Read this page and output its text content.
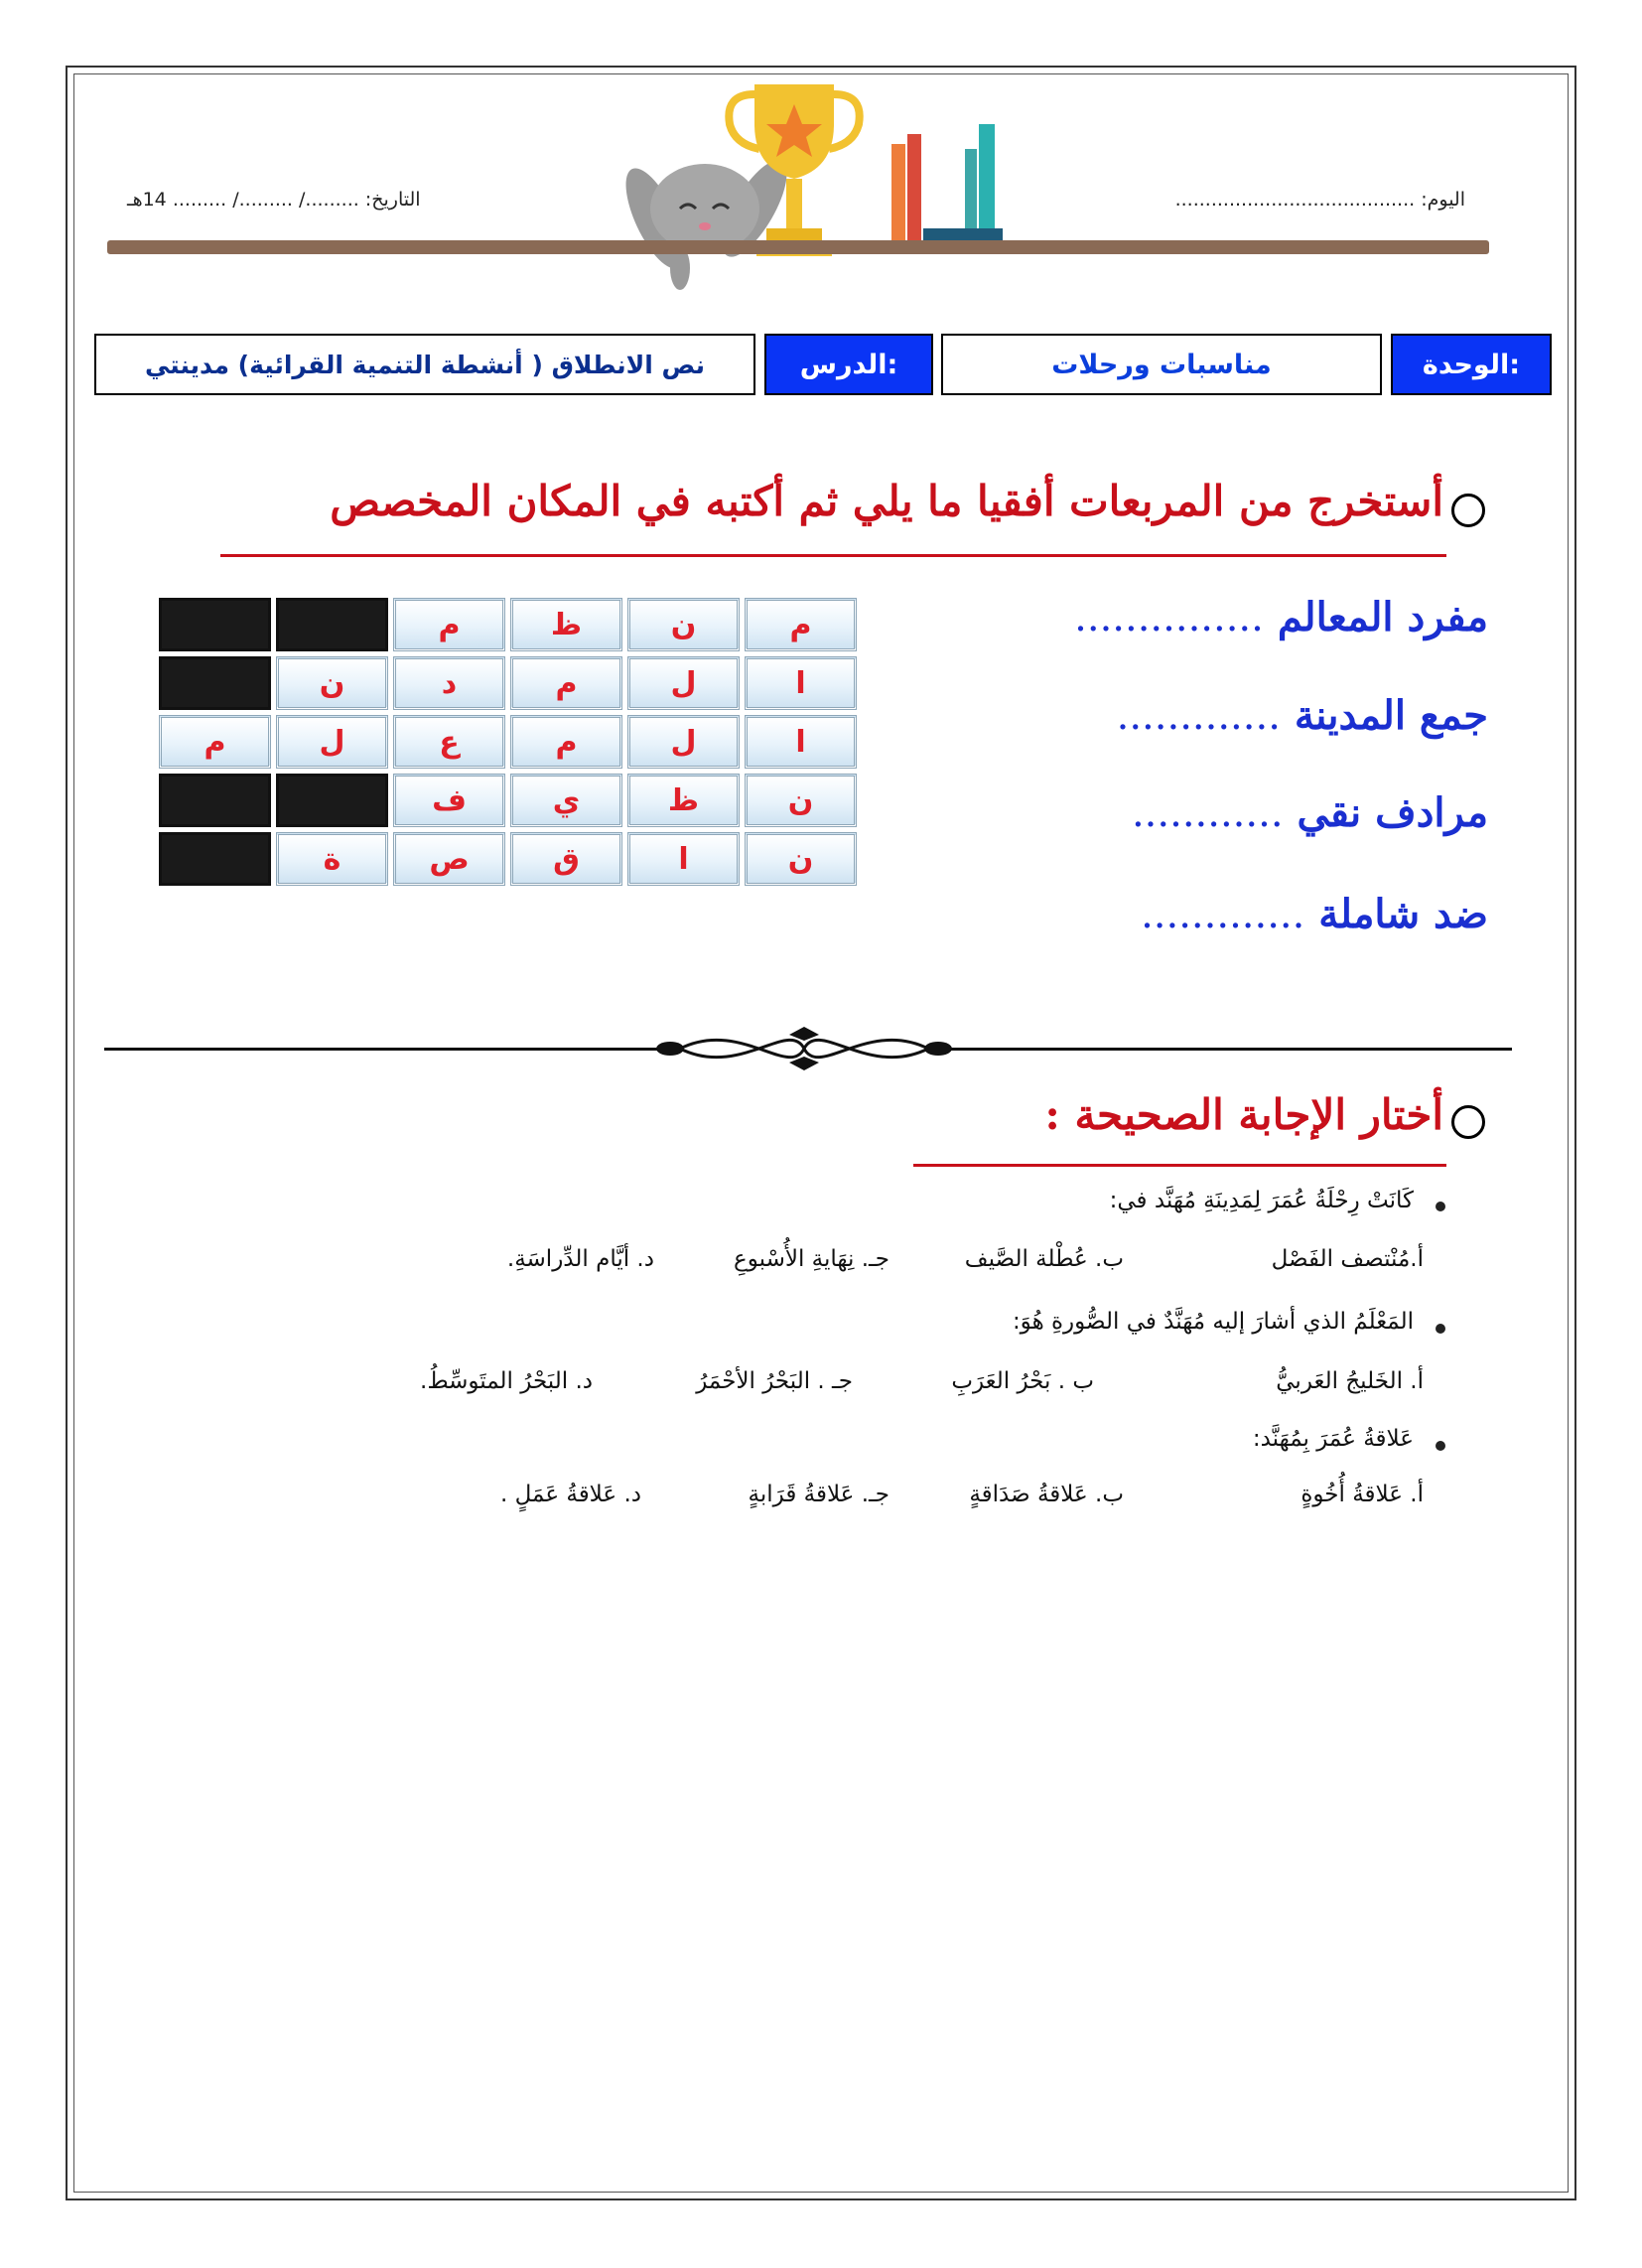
اليوم: ........................................
التاريخ: ........./ ........./ ......... 14هـ
الوحدة:
مناسبات ورحلات
الدرس:
نص الانطلاق ( أنشطة التنمية القرائية) مدينتي
أستخرج من المربعات أفقيا ما يلي ثم أكتبه في المكان المخصص
مفرد المعالم ...............
جمع المدينة .............
مرادف نقي ............
ضد شاملة .............
م
ن
ظ
م
ا
ل
م
د
ن
ا
ل
م
ع
ل
م
ن
ظ
ي
ف
ن
ا
ق
ص
ة
أختار الإجابة الصحيحة :
كَانَتْ رِحْلَةُ عُمَرَ لِمَدِينَةِ مُهَنَّد في:
أ.مُنْتصف الفَصْل
ب. عُطْلة الصَّيف
جـ. نِهَايةِ الأُسْبوعِ
د. أيَّام الدِّراسَةِ.
المَعْلَمُ الذي أشارَ إليه مُهَنَّدٌ في الصُّورةِ هُوَ:
أ. الخَليجُ العَربيُّ
ب . بَحْرُ العَرَبِ
جـ . البَحْرُ الأحْمَرُ
د. البَحْرُ المتَوسِّطُ.
عَلاقةُ عُمَرَ بِمُهَنَّد:
أ. عَلاقةُ أُخُوةٍ
ب. عَلاقةُ صَدَاقةٍ
جـ. عَلاقةُ قَرَابةٍ
د. عَلاقةُ عَمَلٍ .
